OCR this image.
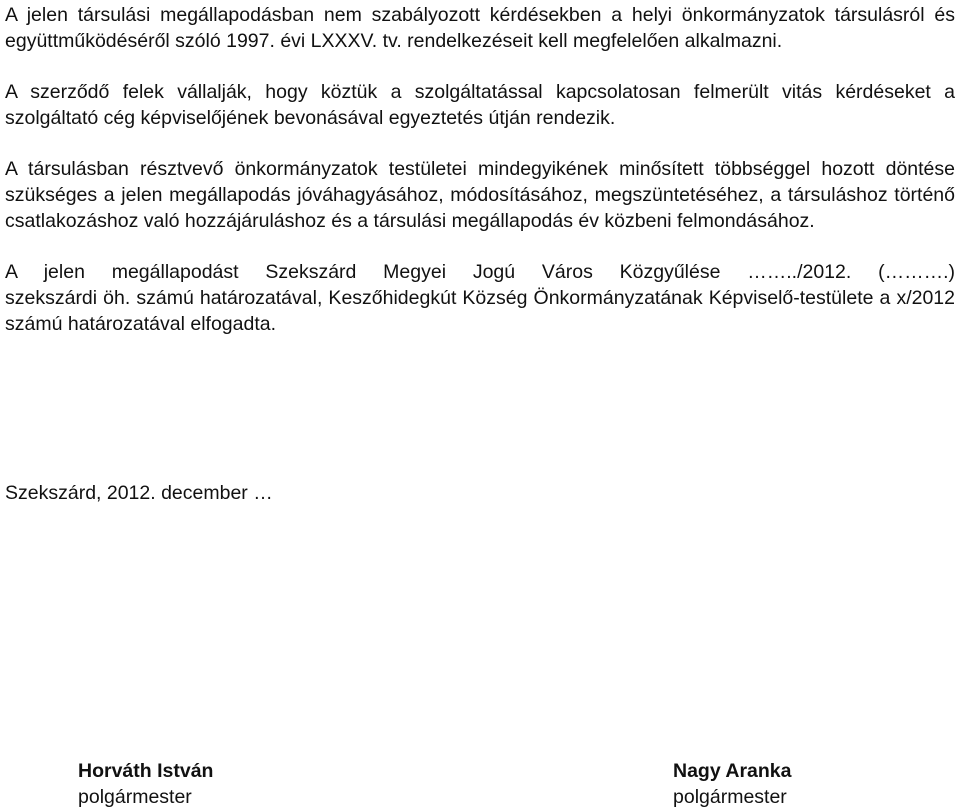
A jelen társulási megállapodásban nem szabályozott kérdésekben a helyi önkormányzatok társulásról és együttműködéséről szóló 1997. évi LXXXV. tv. rendelkezéseit kell megfelelően alkalmazni.

A szerződő felek vállalják, hogy köztük a szolgáltatással kapcsolatosan felmerült vitás kérdéseket a szolgáltató cég képviselőjének bevonásával egyeztetés útján rendezik.

A társulásban résztvevő önkormányzatok testületei mindegyikének minősített többséggel hozott döntése szükséges a jelen megállapodás jóváhagyásához, módosításához, megszüntetéséhez, a társuláshoz történő csatlakozáshoz való hozzájáruláshoz és a társulási megállapodás év közbeni felmondásához.

A jelen megállapodást Szekszárd Megyei Jogú Város Közgyűlése ……../2012. (……….)
szekszárdi öh. számú határozatával, Keszőhidegkút Község Önkormányzatának Képviselő-testülete a x/2012 számú határozatával elfogadta.

Szekszárd, 2012. december …

Horváth István
polgármester
Nagy Aranka
polgármester
